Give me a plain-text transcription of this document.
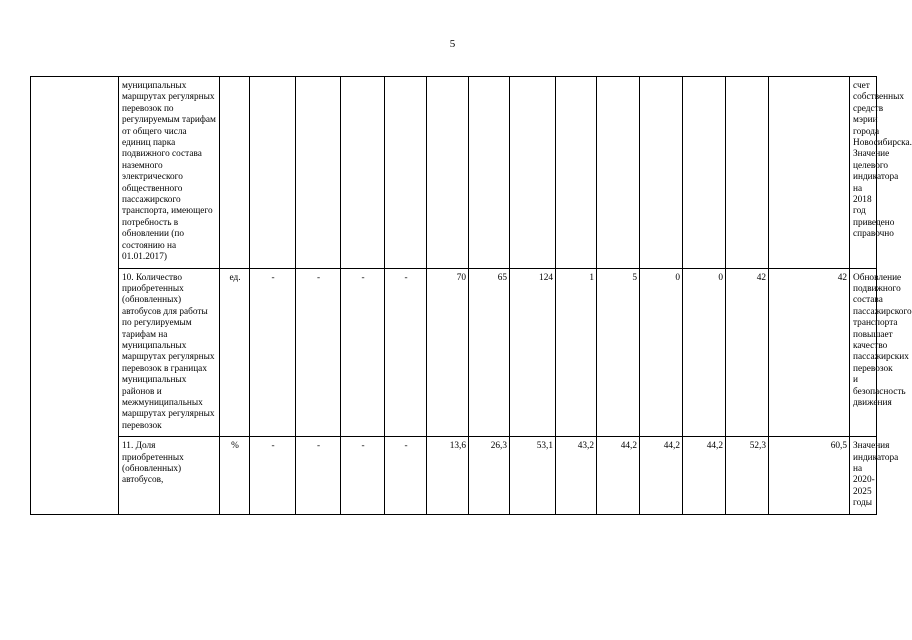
5
	муниципальных маршрутах регулярных перевозок по регулируемым тарифам от общего числа единиц парка подвижного состава наземного электрического общественного пассажирского транспорта, имеющего потребность в обновлении (по состоянию на 01.01.2017)															счет собственных средств мэрии города Новосибирска. Значение целевого индикатора на 2018 год приведено справочно
	10. Количество приобретенных (обновленных) автобусов для работы по регулируемым тарифам на муниципальных маршрутах регулярных перевозок в границах муниципальных районов и межмуниципальных маршрутах регулярных перевозок	ед.	-	-	-	-	70	65	124	1	5	0	0	42	42	Обновление подвижного состава пассажирского транспорта повышает качество пассажирских перевозок и безопасность движения
	11. Доля приобретенных (обновленных) автобусов,	%	-	-	-	-	13,6	26,3	53,1	43,2	44,2	44,2	44,2	52,3	60,5	Значения индикатора на 2020-2025 годы
